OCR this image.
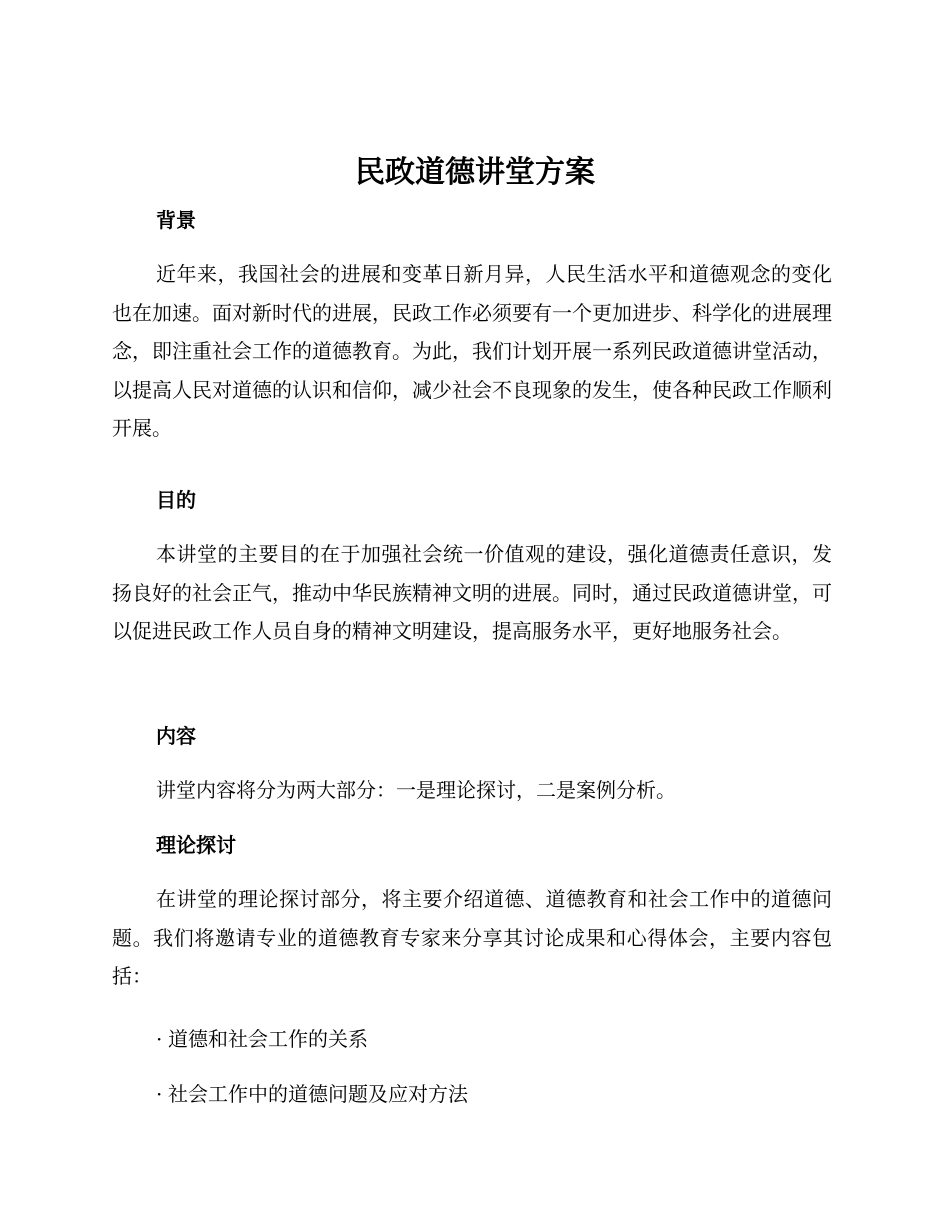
民政道德讲堂方案
背景

近年来，我国社会的进展和变革日新月异，人民生活水平和道德观念的变化也在加速。面对新时代的进展，民政工作必须要有一个更加进步、科学化的进展理念，即注重社会工作的道德教育。为此，我们计划开展一系列民政道德讲堂活动，以提高人民对道德的认识和信仰，减少社会不良现象的发生，使各种民政工作顺利开展。

目的

本讲堂的主要目的在于加强社会统一价值观的建设，强化道德责任意识，发扬良好的社会正气，推动中华民族精神文明的进展。同时，通过民政道德讲堂，可以促进民政工作人员自身的精神文明建设，提高服务水平，更好地服务社会。

内容

讲堂内容将分为两大部分：一是理论探讨，二是案例分析。

理论探讨

在讲堂的理论探讨部分，将主要介绍道德、道德教育和社会工作中的道德问题。我们将邀请专业的道德教育专家来分享其讨论成果和心得体会，主要内容包括：

· 道德和社会工作的关系
· 社会工作中的道德问题及应对方法
